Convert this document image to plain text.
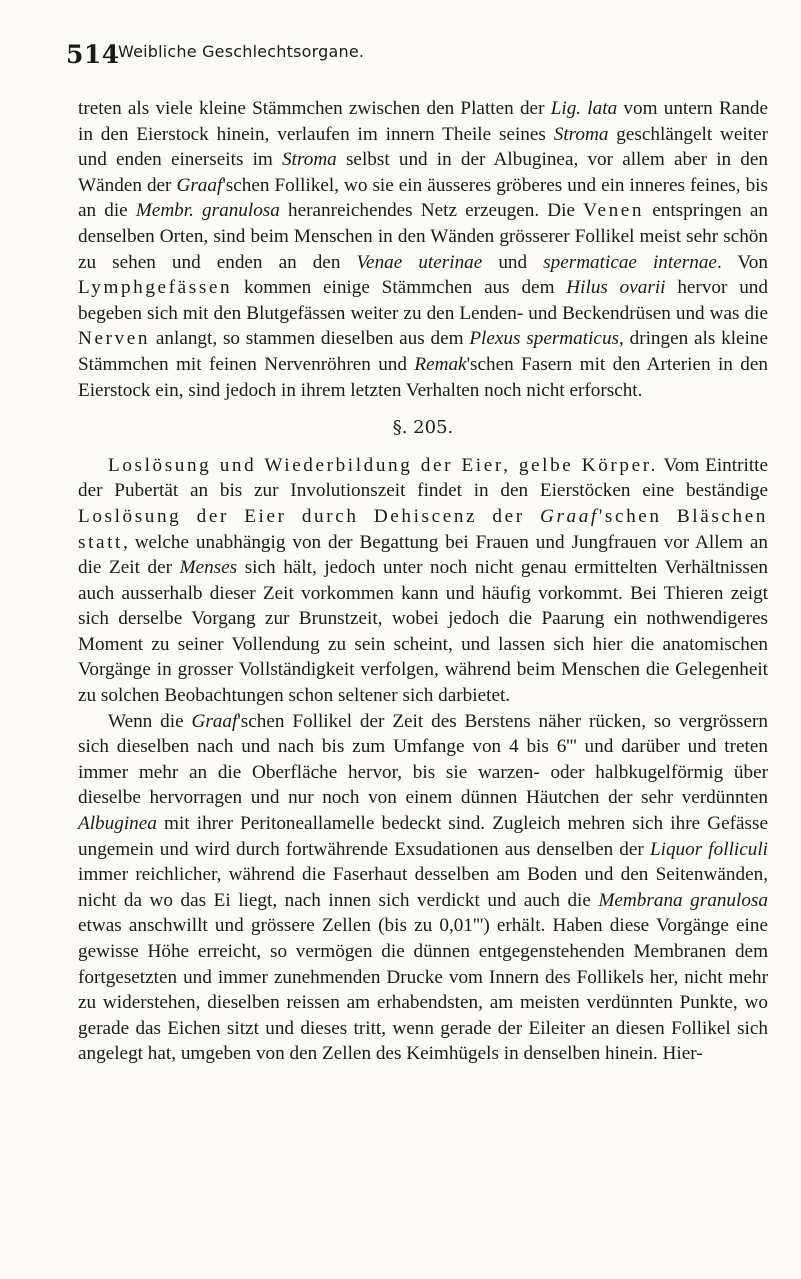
514
Weibliche Geschlechtsorgane.

treten als viele kleine Stämmchen zwischen den Platten der Lig. lata vom untern Rande in den Eierstock hinein, verlaufen im innern Theile seines Stroma geschlängelt weiter und enden einerseits im Stroma selbst und in der Albuginea, vor allem aber in den Wänden der Graaf'schen Follikel, wo sie ein äusseres gröberes und ein inneres feines, bis an die Membr. granulosa heranreichendes Netz erzeugen. Die Venen entspringen an denselben Orten, sind beim Menschen in den Wänden grösserer Follikel meist sehr schön zu sehen und enden an den Venae uterinae und spermaticae internae. Von Lymphgefässen kommen einige Stämmchen aus dem Hilus ovarii hervor und begeben sich mit den Blutgefässen weiter zu den Lenden- und Beckendrüsen und was die Nerven anlangt, so stammen dieselben aus dem Plexus spermaticus, dringen als kleine Stämmchen mit feinen Nervenröhren und Remak'schen Fasern mit den Arterien in den Eierstock ein, sind jedoch in ihrem letzten Verhalten noch nicht erforscht.

§. 205.

Loslösung und Wiederbildung der Eier, gelbe Körper. Vom Eintritte der Pubertät an bis zur Involutionszeit findet in den Eierstöcken eine beständige Loslösung der Eier durch Dehiscenz der Graaf'schen Bläschen statt, welche unabhängig von der Begattung bei Frauen und Jungfrauen vor Allem an die Zeit der Menses sich hält, jedoch unter noch nicht genau ermittelten Verhältnissen auch ausserhalb dieser Zeit vorkommen kann und häufig vorkommt. Bei Thieren zeigt sich derselbe Vorgang zur Brunstzeit, wobei jedoch die Paarung ein nothwendigeres Moment zu seiner Vollendung zu sein scheint, und lassen sich hier die anatomischen Vorgänge in grosser Vollständigkeit verfolgen, während beim Menschen die Gelegenheit zu solchen Beobachtungen schon seltener sich darbietet.

Wenn die Graaf'schen Follikel der Zeit des Berstens näher rücken, so vergrössern sich dieselben nach und nach bis zum Umfange von 4 bis 6''' und darüber und treten immer mehr an die Oberfläche hervor, bis sie warzen- oder halbkugelförmig über dieselbe hervorragen und nur noch von einem dünnen Häutchen der sehr verdünnten Albuginea mit ihrer Peritoneallamelle bedeckt sind. Zugleich mehren sich ihre Gefässe ungemein und wird durch fortwährende Exsudationen aus denselben der Liquor folliculi immer reichlicher, während die Faserhaut desselben am Boden und den Seitenwänden, nicht da wo das Ei liegt, nach innen sich verdickt und auch die Membrana granulosa etwas anschwillt und grössere Zellen (bis zu 0,01''') erhält. Haben diese Vorgänge eine gewisse Höhe erreicht, so vermögen die dünnen entgegenstehenden Membranen dem fortgesetzten und immer zunehmenden Drucke vom Innern des Follikels her, nicht mehr zu widerstehen, dieselben reissen am erhabendsten, am meisten verdünnten Punkte, wo gerade das Eichen sitzt und dieses tritt, wenn gerade der Eileiter an diesen Follikel sich angelegt hat, umgeben von den Zellen des Keimhügels in denselben hinein. Hier-
